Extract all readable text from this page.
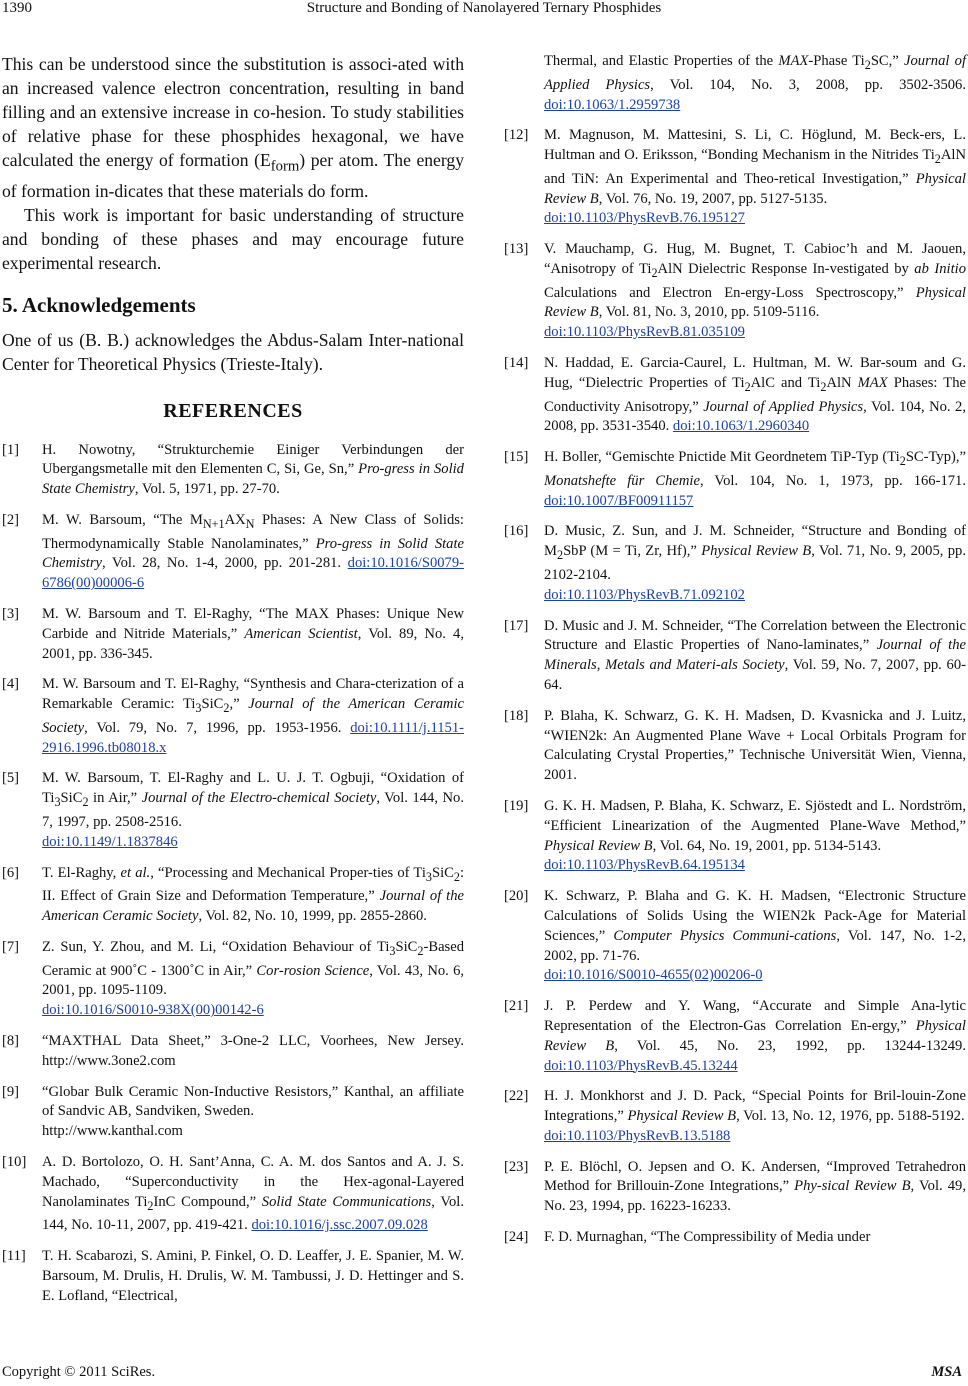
1390	Structure and Bonding of Nanolayered Ternary Phosphides

This can be understood since the substitution is associ-ated with an increased valence electron concentration, resulting in band filling and an extensive increase in co-hesion. To study stabilities of relative phase for these phosphides hexagonal, we have calculated the energy of formation $(E_{form})$ per atom. The energy of formation in-dicates that these materials do form.

This work is important for basic understanding of structure and bonding of these phases and may encourage future experimental research.

5. Acknowledgements

One of us (B. B.) acknowledges the Abdus-Salam Inter-national Center for Theoretical Physics (Trieste-Italy).

REFERENCES
[1] H. Nowotny, “Strukturchemie Einiger Verbindungen der Ubergangsmetalle mit den Elementen C, Si, Ge, Sn,” Pro-gress in Solid State Chemistry, Vol. 5, 1971, pp. 27-70.
[2] M. W. Barsoum, “The $M_{N+1}AX_N$ Phases: A New Class of Solids: Thermodynamically Stable Nanolaminates,” Pro-gress in Solid State Chemistry, Vol. 28, No. 1-4, 2000, pp. 201-281. doi:10.1016/S0079-6786(00)00006-6
[3] M. W. Barsoum and T. El-Raghy, “The MAX Phases: Unique New Carbide and Nitride Materials,” American Scientist, Vol. 89, No. 4, 2001, pp. 336-345.
[4] M. W. Barsoum and T. El-Raghy, “Synthesis and Chara-cterization of a Remarkable Ceramic: $Ti_3SiC_2$,” Journal of the American Ceramic Society, Vol. 79, No. 7, 1996, pp. 1953-1956. doi:10.1111/j.1151-2916.1996.tb08018.x
[5] M. W. Barsoum, T. El-Raghy and L. U. J. T. Ogbuji, “Oxidation of $Ti_3SiC_2$ in Air,” Journal of the Electro-chemical Society, Vol. 144, No. 7, 1997, pp. 2508-2516.
doi:10.1149/1.1837846
[6] T. El-Raghy, et al., “Processing and Mechanical Proper-ties of $Ti_3SiC_2$: II. Effect of Grain Size and Deformation Temperature,” Journal of the American Ceramic Society, Vol. 82, No. 10, 1999, pp. 2855-2860.
[7] Z. Sun, Y. Zhou, and M. Li, “Oxidation Behaviour of $Ti_3SiC_2$-Based Ceramic at 900˚C - 1300˚C in Air,” Cor-rosion Science, Vol. 43, No. 6, 2001, pp. 1095-1109.
doi:10.1016/S0010-938X(00)00142-6
[8] “MAXTHAL Data Sheet,” 3-One-2 LLC, Voorhees, New Jersey. http://www.3one2.com
[9] “Globar Bulk Ceramic Non-Inductive Resistors,” Kanthal, an affiliate of Sandvic AB, Sandviken, Sweden.
http://www.kanthal.com
[10] A. D. Bortolozo, O. H. Sant’Anna, C. A. M. dos Santos and A. J. S. Machado, “Superconductivity in the Hex-agonal-Layered Nanolaminates $Ti_2InC$ Compound,” Solid State Communications, Vol. 144, No. 10-11, 2007, pp. 419-421. doi:10.1016/j.ssc.2007.09.028
[11] T. H. Scabarozi, S. Amini, P. Finkel, O. D. Leaffer, J. E. Spanier, M. W. Barsoum, M. Drulis, H. Drulis, W. M. Tambussi, J. D. Hettinger and S. E. Lofland, “Electrical,
Thermal, and Elastic Properties of the MAX-Phase $Ti_2SC$,” Journal of Applied Physics, Vol. 104, No. 3, 2008, pp. 3502-3506. doi:10.1063/1.2959738
[12] M. Magnuson, M. Mattesini, S. Li, C. Höglund, M. Beck-ers, L. Hultman and O. Eriksson, “Bonding Mechanism in the Nitrides $Ti_2AlN$ and TiN: An Experimental and Theo-retical Investigation,” Physical Review B, Vol. 76, No. 19, 2007, pp. 5127-5135.
doi:10.1103/PhysRevB.76.195127
[13] V. Mauchamp, G. Hug, M. Bugnet, T. Cabioc’h and M. Jaouen, “Anisotropy of $Ti_2AlN$ Dielectric Response In-vestigated by ab Initio Calculations and Electron En-ergy-Loss Spectroscopy,” Physical Review B, Vol. 81, No. 3, 2010, pp. 5109-5116.
doi:10.1103/PhysRevB.81.035109
[14] N. Haddad, E. Garcia-Caurel, L. Hultman, M. W. Bar-soum and G. Hug, “Dielectric Properties of $Ti_2AlC$ and $Ti_2AlN$ MAX Phases: The Conductivity Anisotropy,” Journal of Applied Physics, Vol. 104, No. 2, 2008, pp. 3531-3540. doi:10.1063/1.2960340
[15] H. Boller, “Gemischte Pnictide Mit Geordnetem TiP-Typ $(Ti_2SC-Typ)$,” Monatshefte für Chemie, Vol. 104, No. 1, 1973, pp. 166-171. doi:10.1007/BF00911157
[16] D. Music, Z. Sun, and J. M. Schneider, “Structure and Bonding of $M_2SbP$ (M = Ti, Zr, Hf),” Physical Review B, Vol. 71, No. 9, 2005, pp. 2102-2104.
doi:10.1103/PhysRevB.71.092102
[17] D. Music and J. M. Schneider, “The Correlation between the Electronic Structure and Elastic Properties of Nano-laminates,” Journal of the Minerals, Metals and Materi-als Society, Vol. 59, No. 7, 2007, pp. 60-64.
[18] P. Blaha, K. Schwarz, G. K. H. Madsen, D. Kvasnicka and J. Luitz, “WIEN2k: An Augmented Plane Wave + Local Orbitals Program for Calculating Crystal Properties,” Technische Universität Wien, Vienna, 2001.
[19] G. K. H. Madsen, P. Blaha, K. Schwarz, E. Sjöstedt and L. Nordström, “Efficient Linearization of the Augmented Plane-Wave Method,” Physical Review B, Vol. 64, No. 19, 2001, pp. 5134-5143.
doi:10.1103/PhysRevB.64.195134
[20] K. Schwarz, P. Blaha and G. K. H. Madsen, “Electronic Structure Calculations of Solids Using the WIEN2k Pack-Age for Material Sciences,” Computer Physics Communi-cations, Vol. 147, No. 1-2, 2002, pp. 71-76.
doi:10.1016/S0010-4655(02)00206-0
[21] J. P. Perdew and Y. Wang, “Accurate and Simple Ana-lytic Representation of the Electron-Gas Correlation En-ergy,” Physical Review B, Vol. 45, No. 23, 1992, pp. 13244-13249. doi:10.1103/PhysRevB.45.13244
[22] H. J. Monkhorst and J. D. Pack, “Special Points for Bril-louin-Zone Integrations,” Physical Review B, Vol. 13, No. 12, 1976, pp. 5188-5192.
doi:10.1103/PhysRevB.13.5188
[23] P. E. Blöchl, O. Jepsen and O. K. Andersen, “Improved Tetrahedron Method for Brillouin-Zone Integrations,” Phy-sical Review B, Vol. 49, No. 23, 1994, pp. 16223-16233.
[24] F. D. Murnaghan, “The Compressibility of Media under
Copyright © 2011 SciRes.	MSA
